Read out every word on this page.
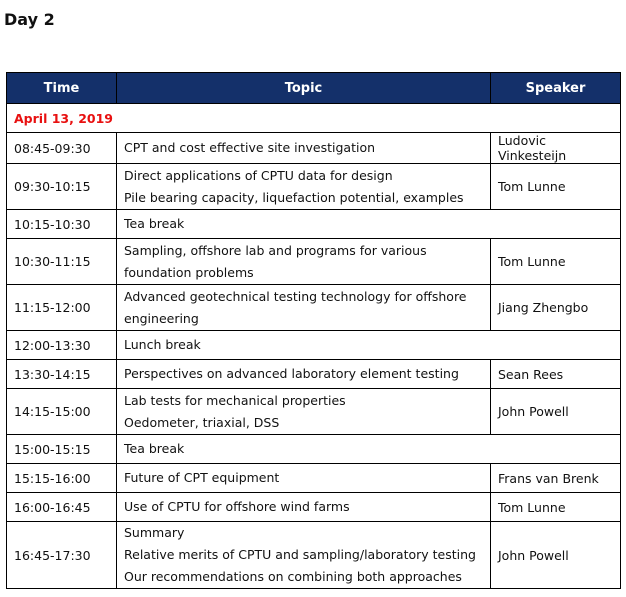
Day 2
Time	Topic	Speaker
April 13, 2019		
08:45-09:30	CPT and cost effective site investigation	Ludovic Vinkesteijn
09:30-10:15	Direct applications of CPTU data for design
Pile bearing capacity, liquefaction potential, examples	Tom Lunne
10:15-10:30	Tea break	

10:30-11:15	Sampling, offshore lab and programs for various
foundation problems	Tom Lunne
11:15-12:00	Advanced geotechnical testing technology for offshore
engineering	Jiang Zhengbo
12:00-13:30	Lunch break	

13:30-14:15	Perspectives on advanced laboratory element testing	Sean Rees
14:15-15:00	Lab tests for mechanical properties
Oedometer, triaxial, DSS	John Powell
15:00-15:15	Tea break	

15:15-16:00	Future of CPT equipment	Frans van Brenk
16:00-16:45	Use of CPTU for offshore wind farms	Tom Lunne
16:45-17:30	Summary
Relative merits of CPTU and sampling/laboratory testing
Our recommendations on combining both approaches	John Powell
